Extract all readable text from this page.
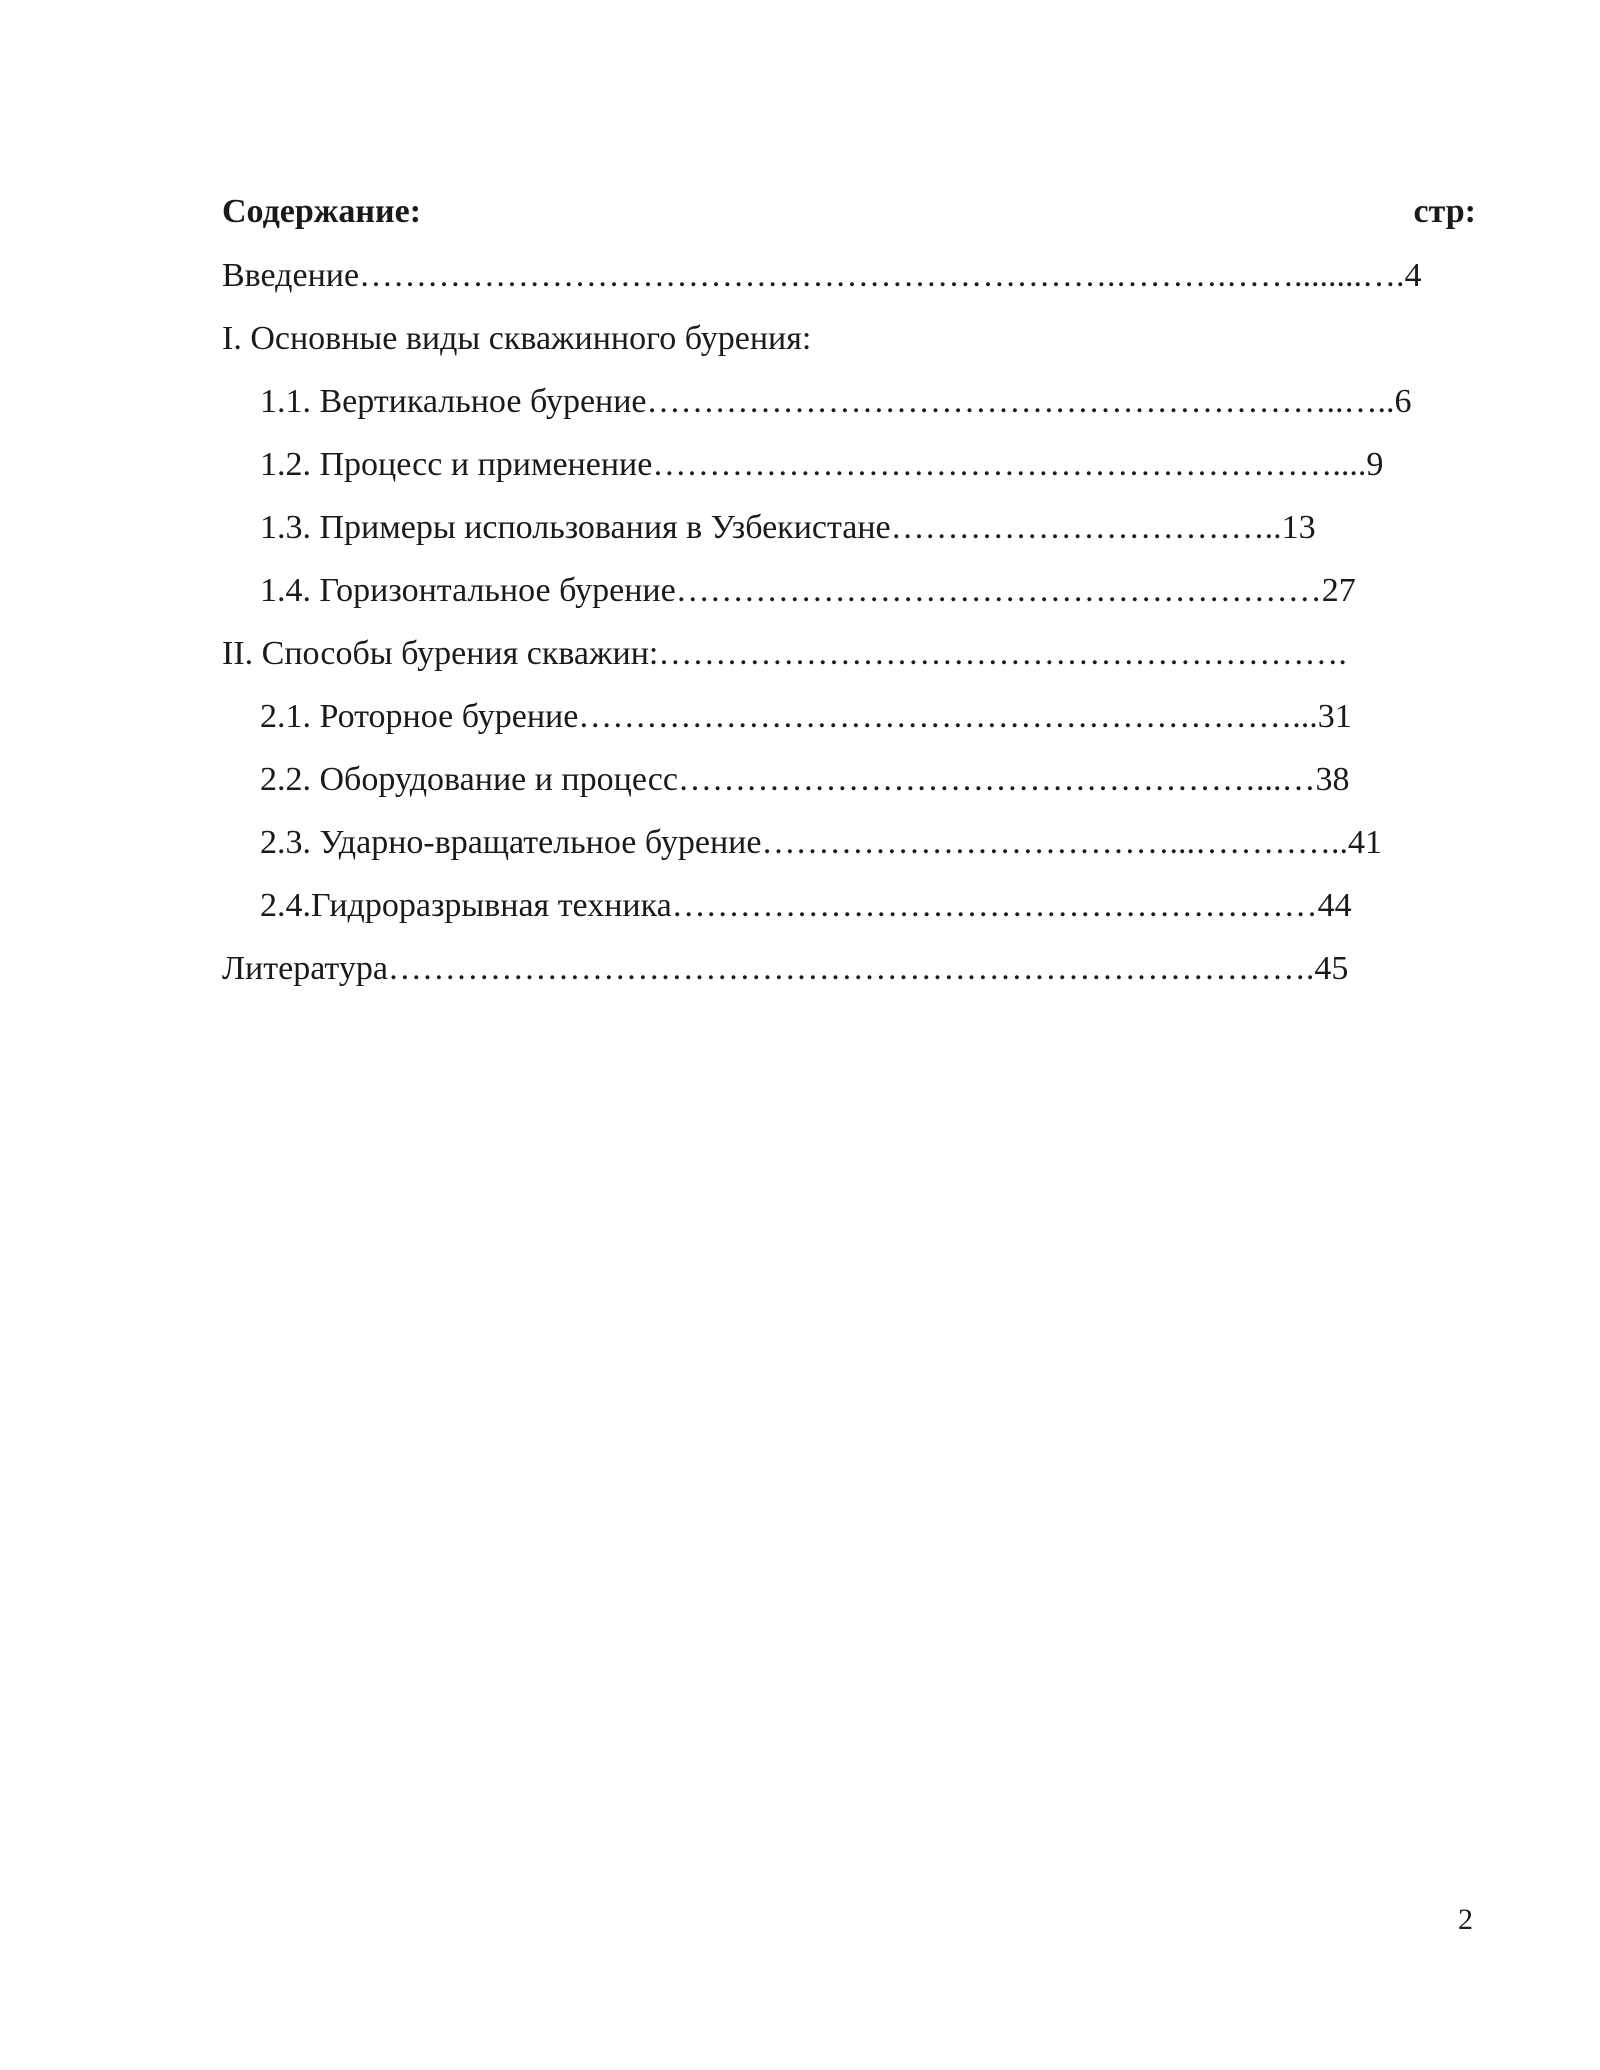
Содержание:	стр:
Введение………………………………………………………….……….……........….4
I. Основные виды скважинного бурения:
1.1. Вертикальное бурение……………………………………………………..…..6
1.2. Процесс и применение……………………………………………………....9
1.3. Примеры использования в Узбекистане……………………………..13
1.4. Горизонтальное бурение…………………………………………………27
II. Способы бурения скважин:…………………………………………………….
2.1. Роторное бурение………………………………………………………...31
2.2. Оборудование и процесс……………………………………………...…38
2.3. Ударно-вращательное бурение………………………………...…………..41
2.4.Гидроразрывная техника…………………………………………………44
Литература……………………………………………………………………….45
2
